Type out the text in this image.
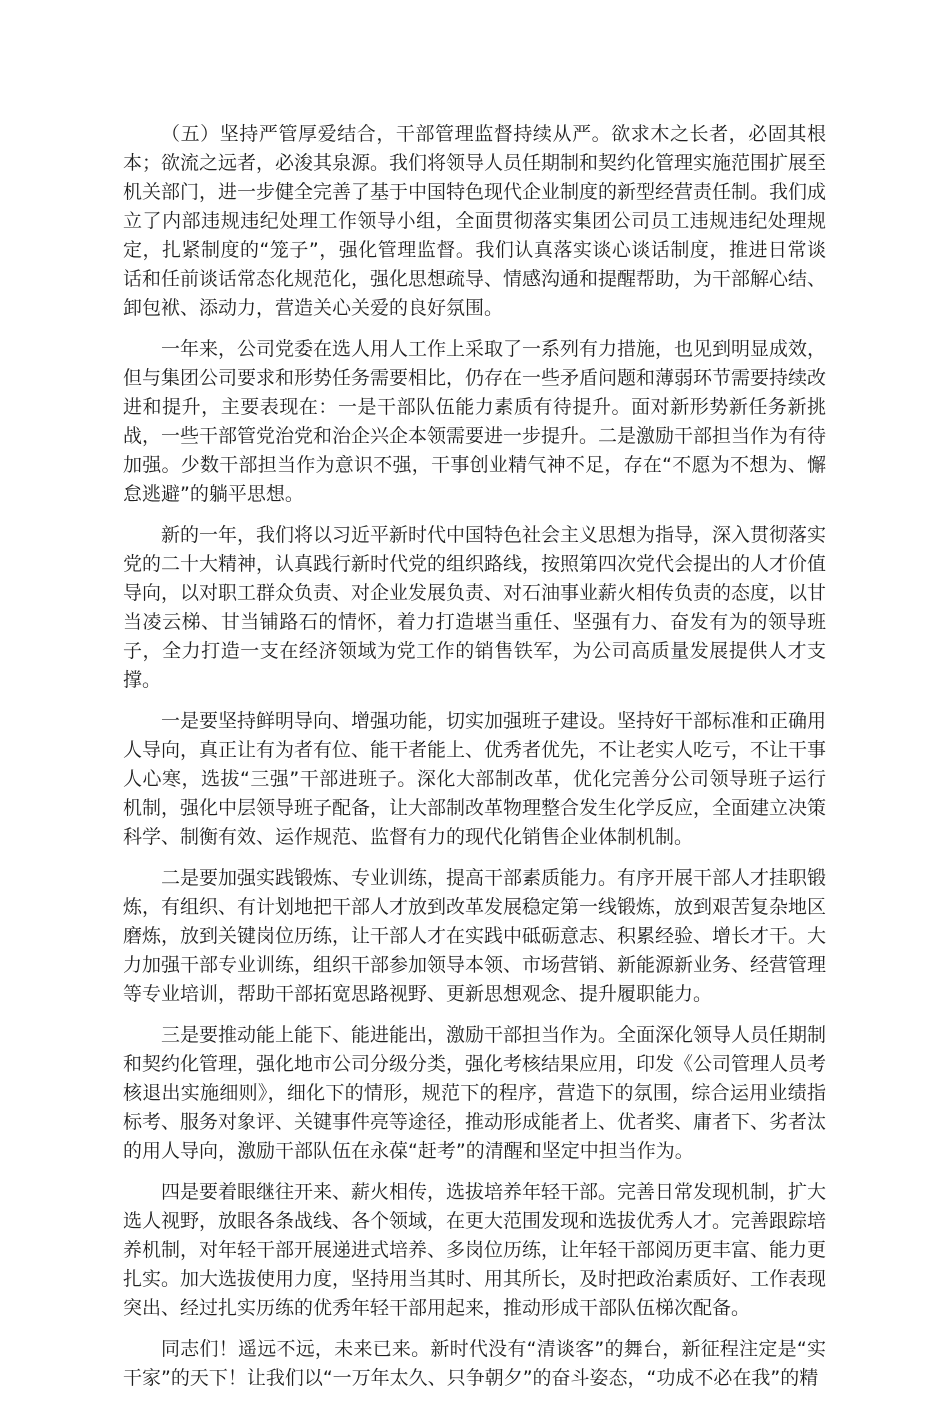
（五）坚持严管厚爱结合，干部管理监督持续从严。欲求木之长者，必固其根本；欲流之远者，必浚其泉源。我们将领导人员任期制和契约化管理实施范围扩展至机关部门，进一步健全完善了基于中国特色现代企业制度的新型经营责任制。我们成立了内部违规违纪处理工作领导小组，全面贯彻落实集团公司员工违规违纪处理规定，扎紧制度的“笼子”，强化管理监督。我们认真落实谈心谈话制度，推进日常谈话和任前谈话常态化规范化，强化思想疏导、情感沟通和提醒帮助，为干部解心结、卸包袱、添动力，营造关心关爱的良好氛围。

一年来，公司党委在选人用人工作上采取了一系列有力措施，也见到明显成效，但与集团公司要求和形势任务需要相比，仍存在一些矛盾问题和薄弱环节需要持续改进和提升，主要表现在：一是干部队伍能力素质有待提升。面对新形势新任务新挑战，一些干部管党治党和治企兴企本领需要进一步提升。二是激励干部担当作为有待加强。少数干部担当作为意识不强，干事创业精气神不足，存在“不愿为不想为、懈怠逃避”的躺平思想。

新的一年，我们将以习近平新时代中国特色社会主义思想为指导，深入贯彻落实党的二十大精神，认真践行新时代党的组织路线，按照第四次党代会提出的人才价值导向，以对职工群众负责、对企业发展负责、对石油事业薪火相传负责的态度，以甘当凌云梯、甘当铺路石的情怀，着力打造堪当重任、坚强有力、奋发有为的领导班子，全力打造一支在经济领域为党工作的销售铁军，为公司高质量发展提供人才支撑。

一是要坚持鲜明导向、增强功能，切实加强班子建设。坚持好干部标准和正确用人导向，真正让有为者有位、能干者能上、优秀者优先，不让老实人吃亏，不让干事人心寒，选拔“三强”干部进班子。深化大部制改革，优化完善分公司领导班子运行机制，强化中层领导班子配备，让大部制改革物理整合发生化学反应，全面建立决策科学、制衡有效、运作规范、监督有力的现代化销售企业体制机制。

二是要加强实践锻炼、专业训练，提高干部素质能力。有序开展干部人才挂职锻炼，有组织、有计划地把干部人才放到改革发展稳定第一线锻炼，放到艰苦复杂地区磨炼，放到关键岗位历练，让干部人才在实践中砥砺意志、积累经验、增长才干。大力加强干部专业训练，组织干部参加领导本领、市场营销、新能源新业务、经营管理等专业培训，帮助干部拓宽思路视野、更新思想观念、提升履职能力。

三是要推动能上能下、能进能出，激励干部担当作为。全面深化领导人员任期制和契约化管理，强化地市公司分级分类，强化考核结果应用，印发《公司管理人员考核退出实施细则》，细化下的情形，规范下的程序，营造下的氛围，综合运用业绩指标考、服务对象评、关键事件亮等途径，推动形成能者上、优者奖、庸者下、劣者汰的用人导向，激励干部队伍在永葆“赶考”的清醒和坚定中担当作为。

四是要着眼继往开来、薪火相传，选拔培养年轻干部。完善日常发现机制，扩大选人视野，放眼各条战线、各个领域，在更大范围发现和选拔优秀人才。完善跟踪培养机制，对年轻干部开展递进式培养、多岗位历练，让年轻干部阅历更丰富、能力更扎实。加大选拔使用力度，坚持用当其时、用其所长，及时把政治素质好、工作表现突出、经过扎实历练的优秀年轻干部用起来，推动形成干部队伍梯次配备。

同志们！遥远不远，未来已来。新时代没有“清谈客”的舞台，新征程注定是“实干家”的天下！让我们以“一万年太久、只争朝夕”的奋斗姿态，“功成不必在我”的精
